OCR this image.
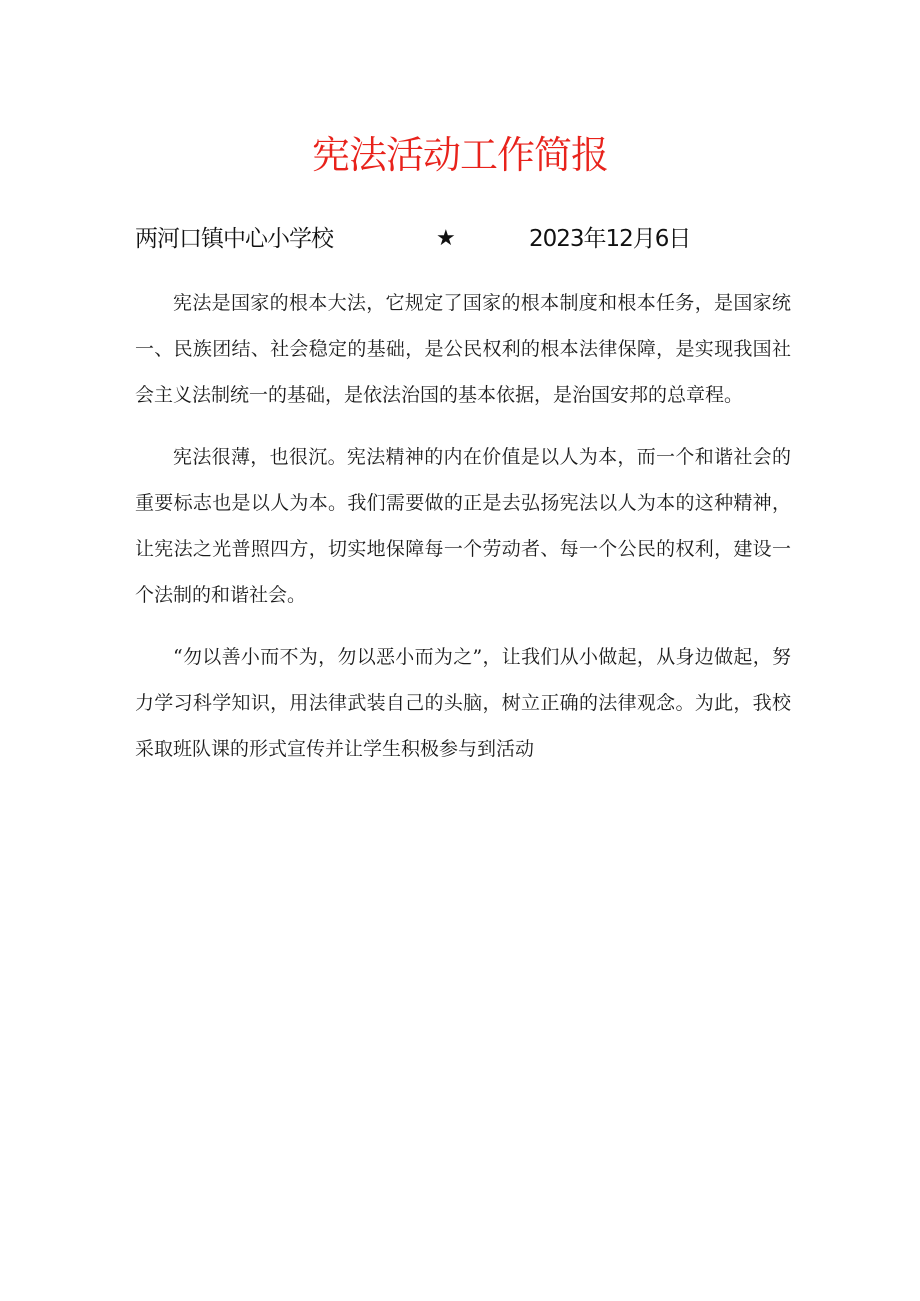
宪法活动工作简报
两河口镇中心小学校	★	2023年12月6日

宪法是国家的根本大法，它规定了国家的根本制度和根本任务，是国家统一、民族团结、社会稳定的基础，是公民权利的根本法律保障，是实现我国社会主义法制统一的基础，是依法治国的基本依据，是治国安邦的总章程。

宪法很薄，也很沉。宪法精神的内在价值是以人为本，而一个和谐社会的重要标志也是以人为本。我们需要做的正是去弘扬宪法以人为本的这种精神，让宪法之光普照四方，切实地保障每一个劳动者、每一个公民的权利，建设一个法制的和谐社会。

“勿以善小而不为，勿以恶小而为之”，让我们从小做起，从身边做起，努力学习科学知识，用法律武装自己的头脑，树立正确的法律观念。为此，我校采取班队课的形式宣传并让学生积极参与到活动
